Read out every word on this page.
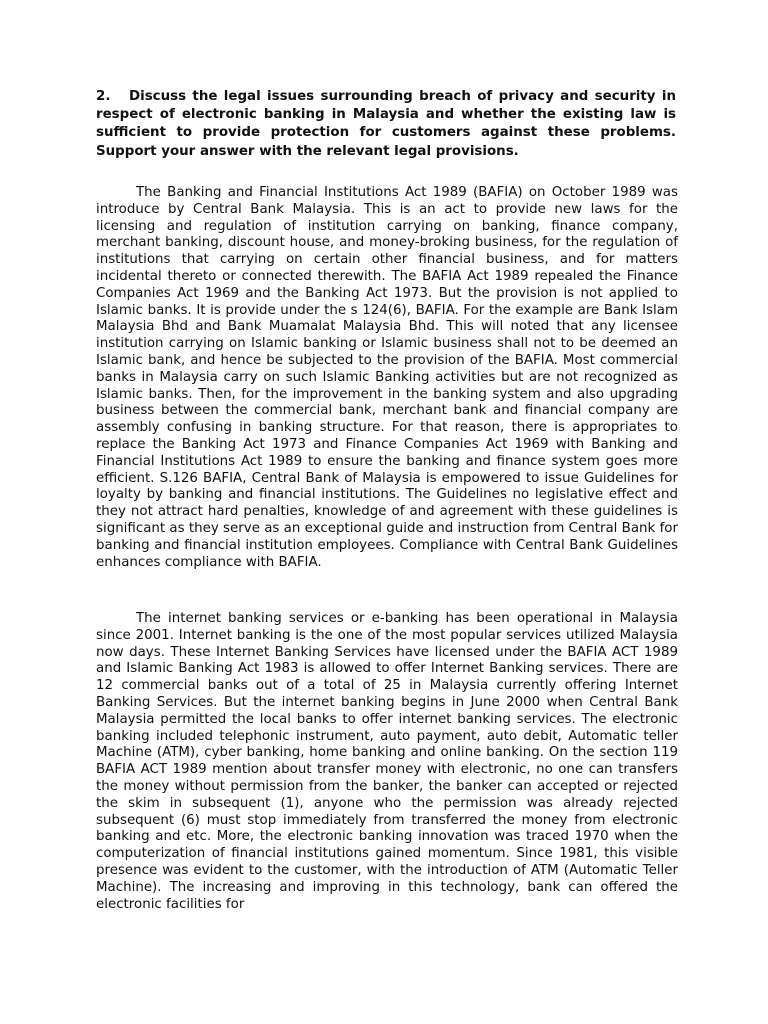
2. Discuss the legal issues surrounding breach of privacy and security in respect of electronic banking in Malaysia and whether the existing law is sufficient to provide protection for customers against these problems. Support your answer with the relevant legal provisions.

The Banking and Financial Institutions Act 1989 (BAFIA) on October 1989 was introduce by Central Bank Malaysia. This is an act to provide new laws for the licensing and regulation of institution carrying on banking, finance company, merchant banking, discount house, and money-broking business, for the regulation of institutions that carrying on certain other financial business, and for matters incidental thereto or connected therewith. The BAFIA Act 1989 repealed the Finance Companies Act 1969 and the Banking Act 1973. But the provision is not applied to Islamic banks. It is provide under the s 124(6), BAFIA. For the example are Bank Islam Malaysia Bhd and Bank Muamalat Malaysia Bhd. This will noted that any licensee institution carrying on Islamic banking or Islamic business shall not to be deemed an Islamic bank, and hence be subjected to the provision of the BAFIA. Most commercial banks in Malaysia carry on such Islamic Banking activities but are not recognized as Islamic banks. Then, for the improvement in the banking system and also upgrading business between the commercial bank, merchant bank and financial company are assembly confusing in banking structure. For that reason, there is appropriates to replace the Banking Act 1973 and Finance Companies Act 1969 with Banking and Financial Institutions Act 1989 to ensure the banking and finance system goes more efficient. S.126 BAFIA, Central Bank of Malaysia is empowered to issue Guidelines for loyalty by banking and financial institutions. The Guidelines no legislative effect and they not attract hard penalties, knowledge of and agreement with these guidelines is significant as they serve as an exceptional guide and instruction from Central Bank for banking and financial institution employees. Compliance with Central Bank Guidelines enhances compliance with BAFIA.

The internet banking services or e-banking has been operational in Malaysia since 2001. Internet banking is the one of the most popular services utilized Malaysia now days. These Internet Banking Services have licensed under the BAFIA ACT 1989 and Islamic Banking Act 1983 is allowed to offer Internet Banking services. There are 12 commercial banks out of a total of 25 in Malaysia currently offering Internet Banking Services. But the internet banking begins in June 2000 when Central Bank Malaysia permitted the local banks to offer internet banking services. The electronic banking included telephonic instrument, auto payment, auto debit, Automatic teller Machine (ATM), cyber banking, home banking and online banking. On the section 119 BAFIA ACT 1989 mention about transfer money with electronic, no one can transfers the money without permission from the banker, the banker can accepted or rejected the skim in subsequent (1), anyone who the permission was already rejected subsequent (6) must stop immediately from transferred the money from electronic banking and etc. More, the electronic banking innovation was traced 1970 when the computerization of financial institutions gained momentum. Since 1981, this visible presence was evident to the customer, with the introduction of ATM (Automatic Teller Machine). The increasing and improving in this technology, bank can offered the electronic facilities for
